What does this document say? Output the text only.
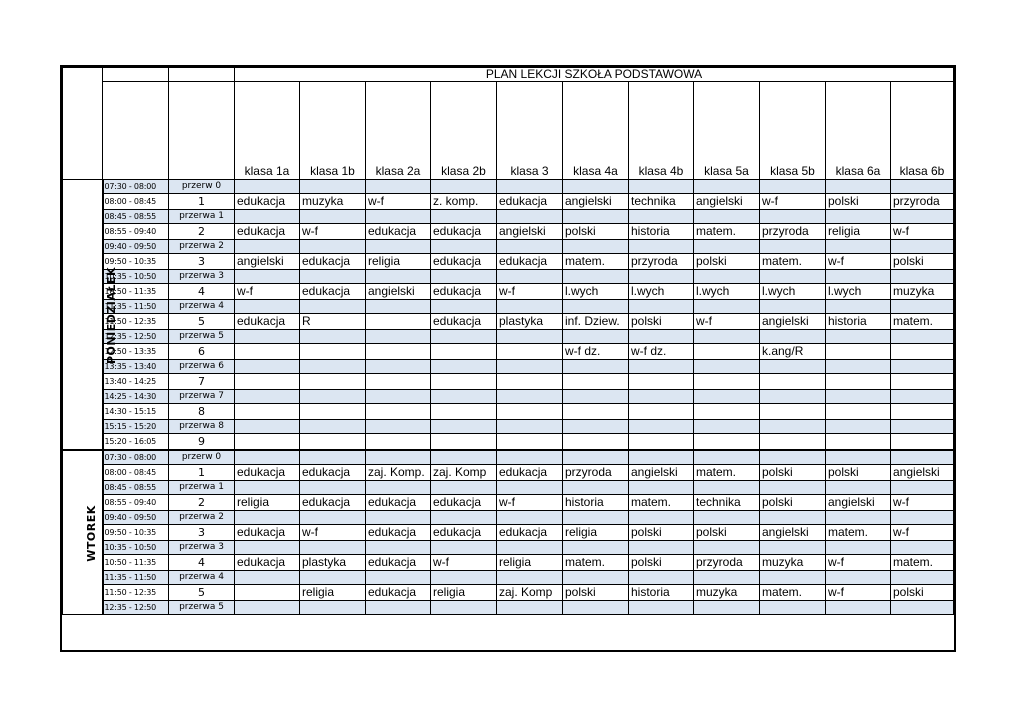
			PLAN LEKCJI SZKOŁA PODSTAWOWA										
			klasa 1a	klasa 1b	klasa 2a	klasa 2b	klasa 3	klasa 4a	klasa 4b	klasa 5a	klasa 5b	klasa 6a	klasa 6b
PONIEDZIAŁEK	07:30 - 08:00	przerw 0											
	08:00 - 08:45	1	edukacja	muzyka	w-f	z. komp.	edukacja	angielski	technika	angielski	w-f	polski	przyroda
	08:45 - 08:55	przerwa 1											
	08:55 - 09:40	2	edukacja	w-f	edukacja	edukacja	angielski	polski	historia	matem.	przyroda	religia	w-f
	09:40 - 09:50	przerwa 2											
	09:50 - 10:35	3	angielski	edukacja	religia	edukacja	edukacja	matem.	przyroda	polski	matem.	w-f	polski
	10:35 - 10:50	przerwa 3											
	10:50 - 11:35	4	w-f	edukacja	angielski	edukacja	w-f	l.wych	l.wych	l.wych	l.wych	l.wych	muzyka
	11:35 - 11:50	przerwa 4											
	11:50 - 12:35	5	edukacja	R		edukacja	plastyka	inf. Dziew.	polski	w-f	angielski	historia	matem.
	12:35 - 12:50	przerwa 5											
	12:50 - 13:35	6						w-f dz.	w-f dz.		k.ang/R		
	13:35 - 13:40	przerwa 6											
	13:40 - 14:25	7											
	14:25 - 14:30	przerwa 7											
	14:30 - 15:15	8											
	15:15 - 15:20	przerwa 8											
	15:20 - 16:05	9											
WTOREK	07:30 - 08:00	przerw 0											
	08:00 - 08:45	1	edukacja	edukacja	zaj. Komp.	zaj. Komp	edukacja	przyroda	angielski	matem.	polski	polski	angielski
	08:45 - 08:55	przerwa 1											
	08:55 - 09:40	2	religia	edukacja	edukacja	edukacja	w-f	historia	matem.	technika	polski	angielski	w-f
	09:40 - 09:50	przerwa 2											
	09:50 - 10:35	3	edukacja	w-f	edukacja	edukacja	edukacja	religia	polski	polski	angielski	matem.	w-f
	10:35 - 10:50	przerwa 3											
	10:50 - 11:35	4	edukacja	plastyka	edukacja	w-f	religia	matem.	polski	przyroda	muzyka	w-f	matem.
	11:35 - 11:50	przerwa 4											
	11:50 - 12:35	5		religia	edukacja	religia	zaj. Komp	polski	historia	muzyka	matem.	w-f	polski
	12:35 - 12:50	przerwa 5											
